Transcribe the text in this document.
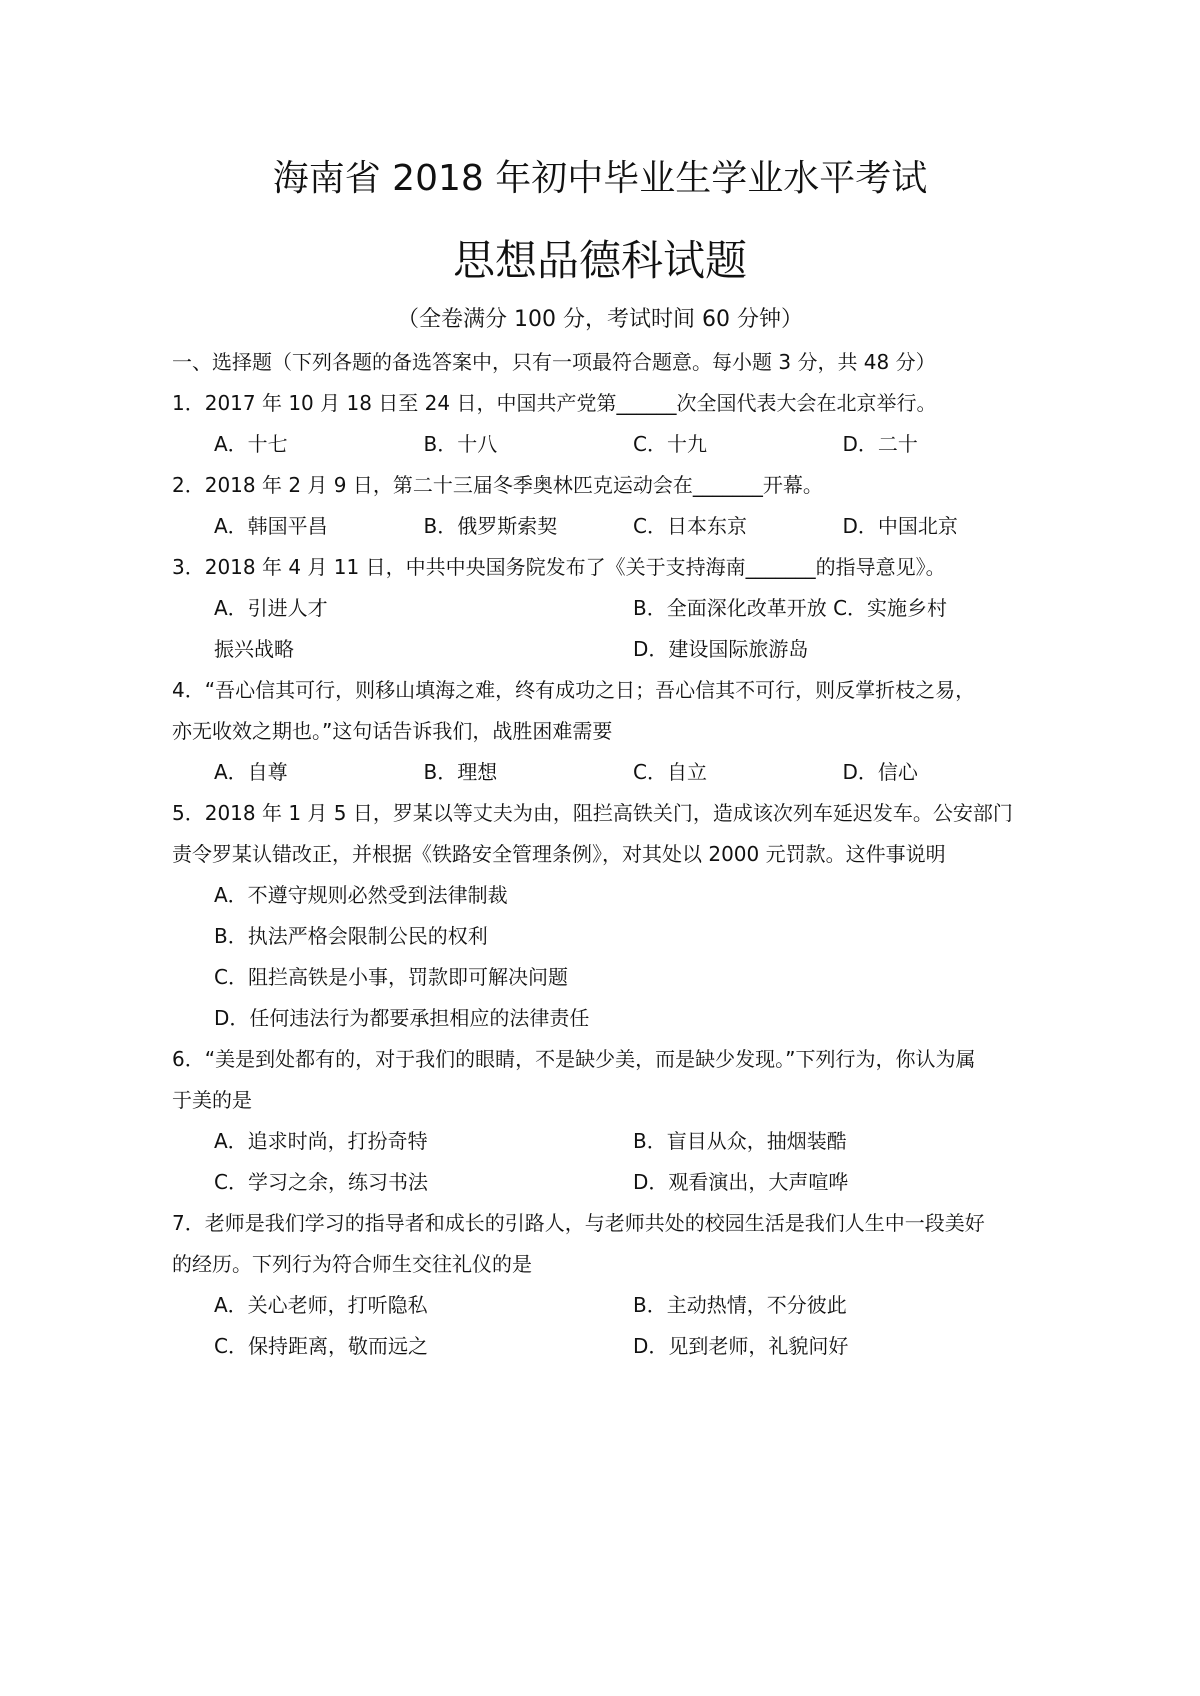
海南省 2018 年初中毕业生学业水平考试
思想品德科试题
（全卷满分 100 分，考试时间 60 分钟）
一、选择题（下列各题的备选答案中，只有一项最符合题意。每小题 3 分，共 48 分）
1．2017 年 10 月 18 日至 24 日，中国共产党第______次全国代表大会在北京举行。
A．十七	B．十八	C．十九	D．二十
2．2018 年 2 月 9 日，第二十三届冬季奥林匹克运动会在_______开幕。
A．韩国平昌	B．俄罗斯索契	C．日本东京	D．中国北京
3．2018 年 4 月 11 日，中共中央国务院发布了《关于支持海南_______的指导意见》。
A．引进人才	B．全面深化改革开放 C．实施乡村
振兴战略	D．建设国际旅游岛
4．“吾心信其可行，则移山填海之难，终有成功之日；吾心信其不可行，则反掌折枝之易，
亦无收效之期也。”这句话告诉我们，战胜困难需要
A．自尊	B．理想	C．自立	D．信心
5．2018 年 1 月 5 日，罗某以等丈夫为由，阻拦高铁关门，造成该次列车延迟发车。公安部门
责令罗某认错改正，并根据《铁路安全管理条例》，对其处以 2000 元罚款。这件事说明
A．不遵守规则必然受到法律制裁
B．执法严格会限制公民的权利
C．阻拦高铁是小事，罚款即可解决问题
D．任何违法行为都要承担相应的法律责任
6．“美是到处都有的，对于我们的眼睛，不是缺少美，而是缺少发现。”下列行为，你认为属
于美的是
A．追求时尚，打扮奇特	B．盲目从众，抽烟装酷
C．学习之余，练习书法	D．观看演出，大声喧哗
7．老师是我们学习的指导者和成长的引路人，与老师共处的校园生活是我们人生中一段美好
的经历。下列行为符合师生交往礼仪的是
A．关心老师，打听隐私	B．主动热情，不分彼此
C．保持距离，敬而远之	D．见到老师，礼貌问好
